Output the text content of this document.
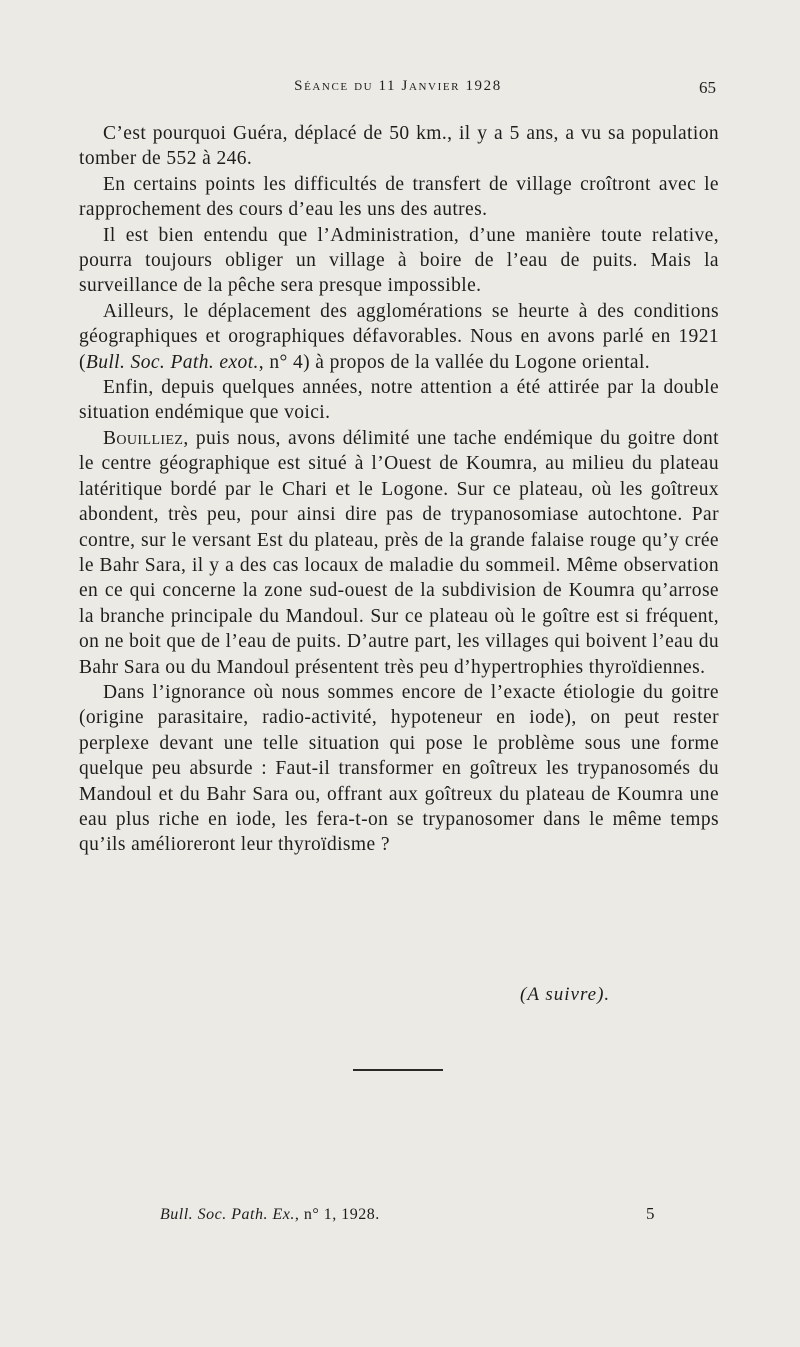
Séance du 11 Janvier 1928	65

C’est pourquoi Guéra, déplacé de 50 km., il y a 5 ans, a vu sa population tomber de 552 à 246.

En certains points les difficultés de transfert de village croîtront avec le rapprochement des cours d’eau les uns des autres.

Il est bien entendu que l’Administration, d’une manière toute relative, pourra toujours obliger un village à boire de l’eau de puits. Mais la surveillance de la pêche sera presque impossible.

Ailleurs, le déplacement des agglomérations se heurte à des conditions géographiques et orographiques défavorables. Nous en avons parlé en 1921 (Bull. Soc. Path. exot., n° 4) à propos de la vallée du Logone oriental.

Enfin, depuis quelques années, notre attention a été attirée par la double situation endémique que voici.

Bouilliez, puis nous, avons délimité une tache endémique du goitre dont le centre géographique est situé à l’Ouest de Koumra, au milieu du plateau latéritique bordé par le Chari et le Logone. Sur ce plateau, où les goîtreux abondent, très peu, pour ainsi dire pas de trypanosomiase autochtone. Par contre, sur le versant Est du plateau, près de la grande falaise rouge qu’y crée le Bahr Sara, il y a des cas locaux de maladie du sommeil. Même observation en ce qui concerne la zone sud-ouest de la subdivision de Koumra qu’arrose la branche principale du Mandoul. Sur ce plateau où le goître est si fréquent, on ne boit que de l’eau de puits. D’autre part, les villages qui boivent l’eau du Bahr Sara ou du Mandoul présentent très peu d’hypertrophies thyroïdiennes.

Dans l’ignorance où nous sommes encore de l’exacte étiologie du goitre (origine parasitaire, radio-activité, hypoteneur en iode), on peut rester perplexe devant une telle situation qui pose le problème sous une forme quelque peu absurde : Faut-il transformer en goîtreux les trypanosomés du Mandoul et du Bahr Sara ou, offrant aux goîtreux du plateau de Koumra une eau plus riche en iode, les fera-t-on se trypanosomer dans le même temps qu’ils amélioreront leur thyroïdisme ?

(A suivre).
Bull. Soc. Path. Ex., n° 1, 1928.	5
